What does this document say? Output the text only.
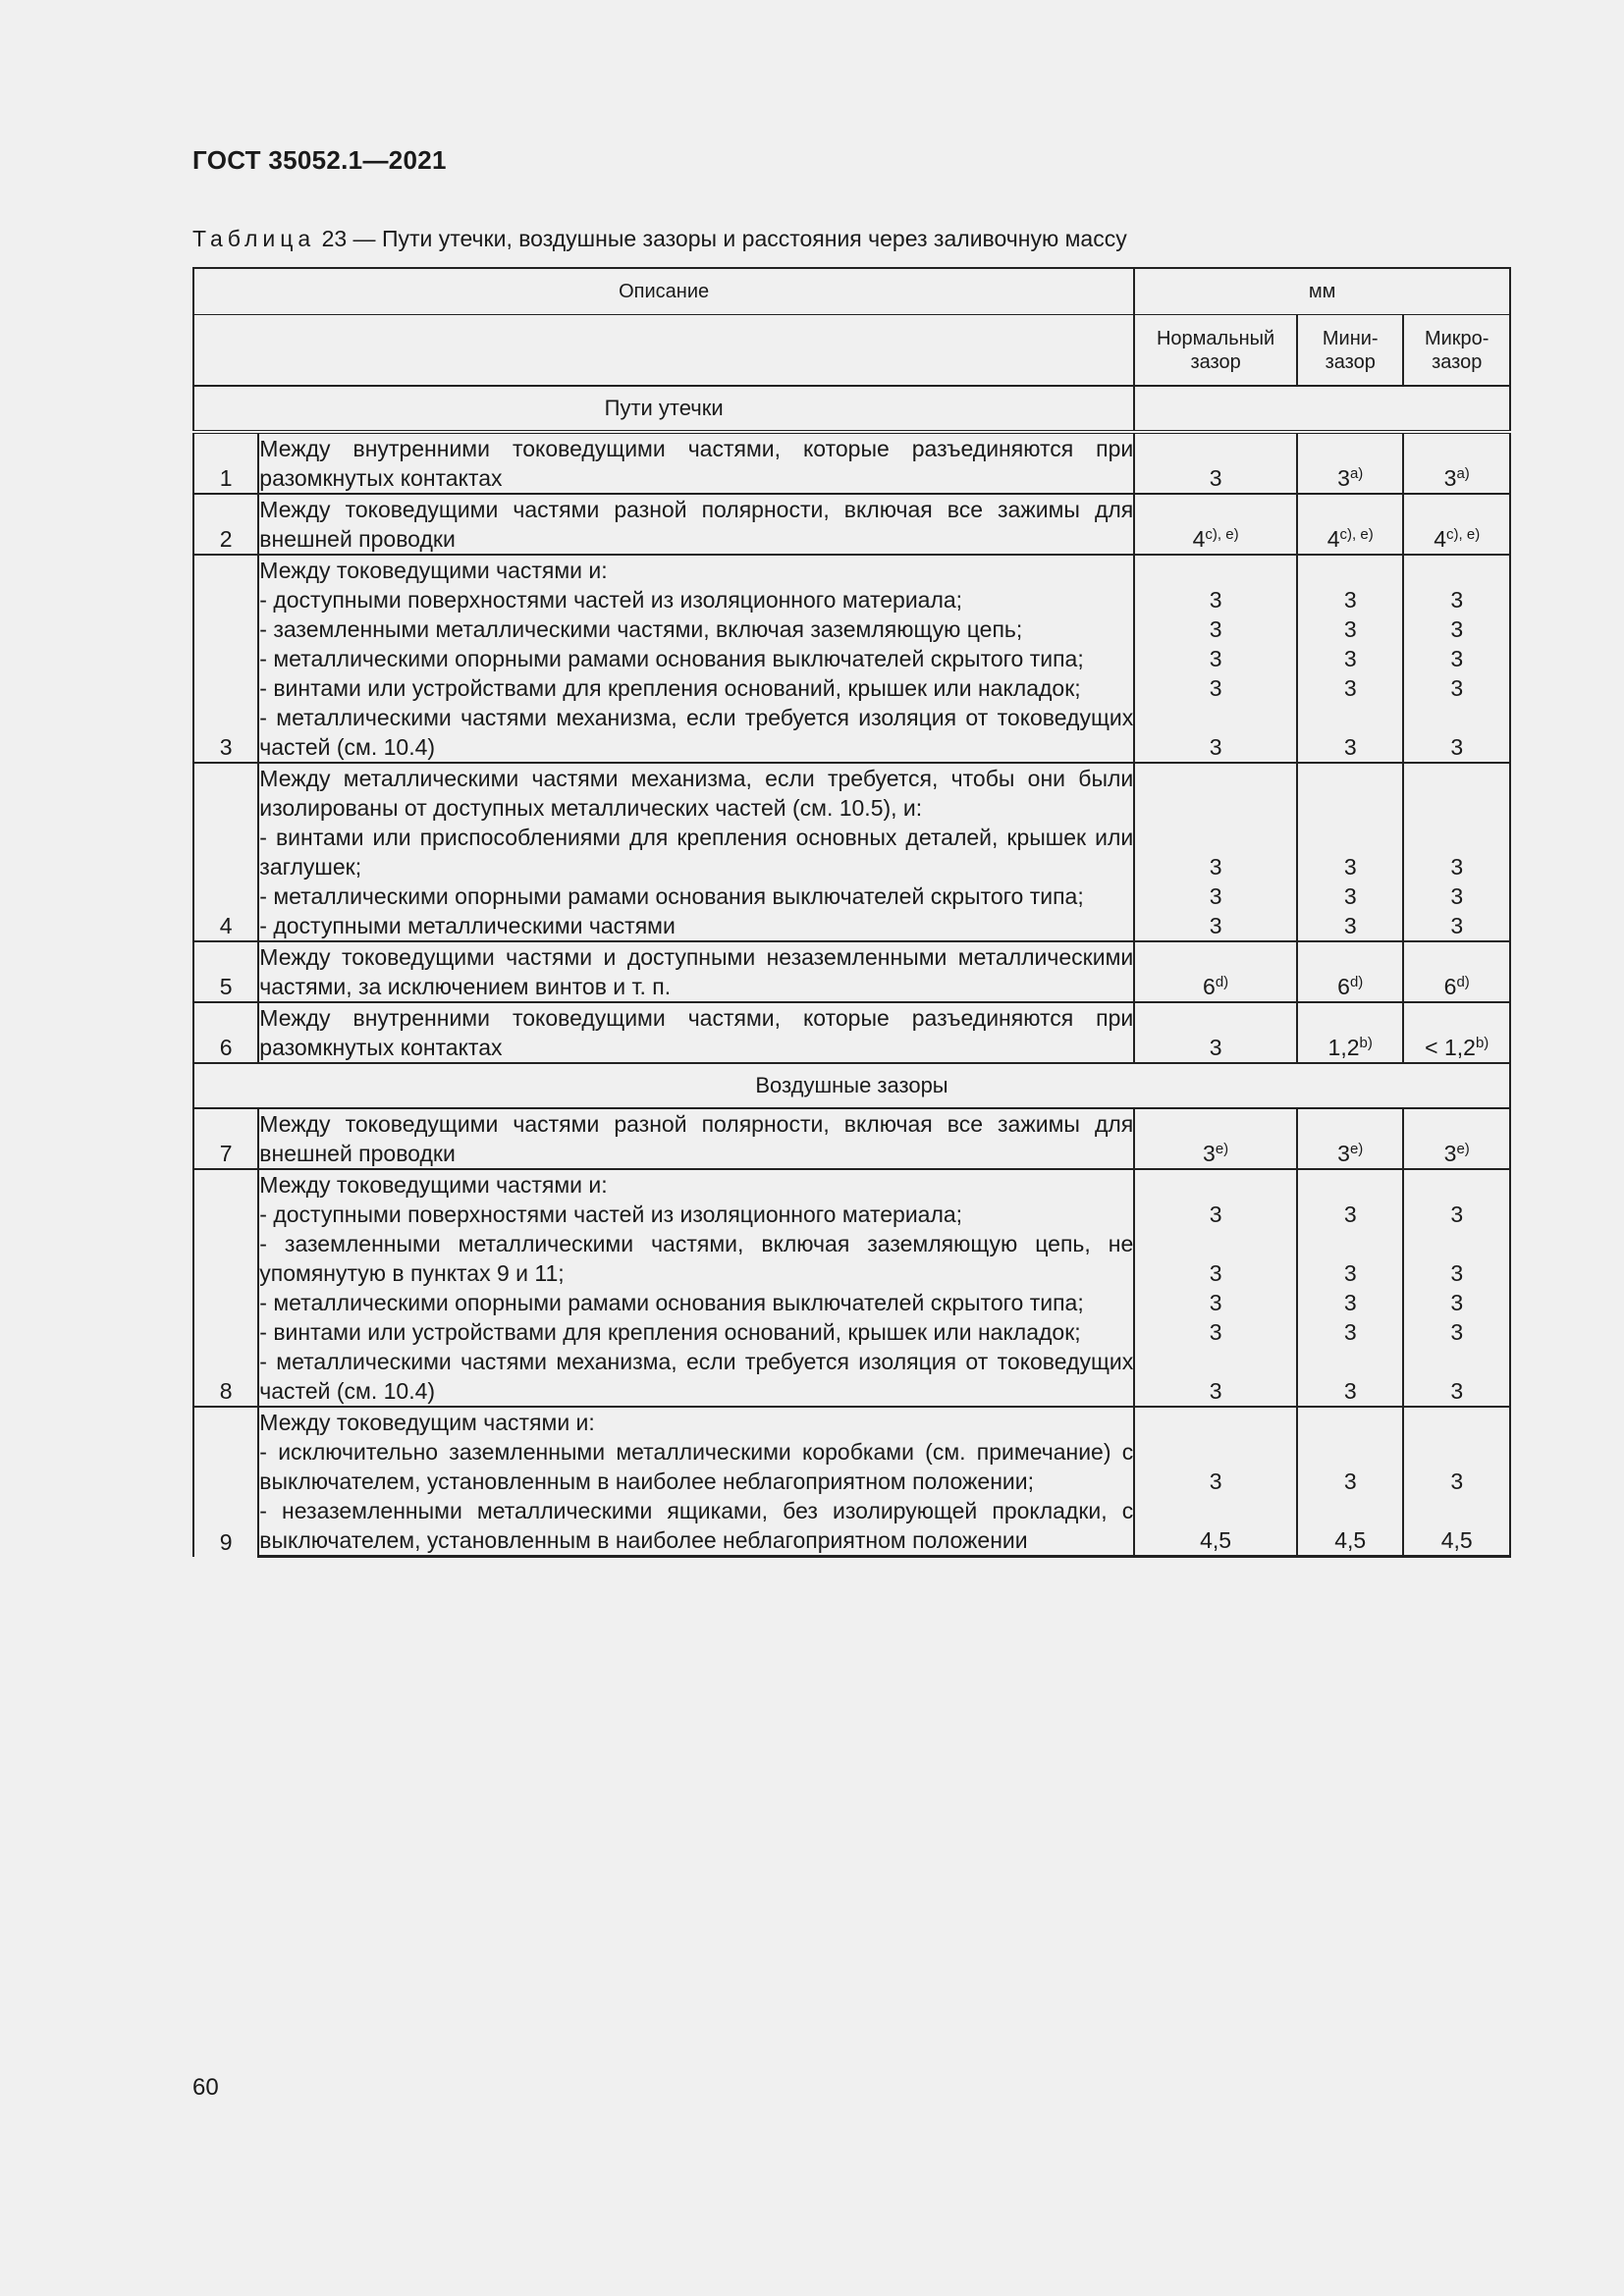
ГОСТ 35052.1—2021
Таблица 23 — Пути утечки, воздушные зазоры и расстояния через заливочную массу
Описание		мм		
		Нормальный зазор	Мини-зазор	Микро-зазор
Пути утечки				
1	Между внутренними токоведущими частями, которые разъединяются при разомкнутых контактах	3	3$^{a)}$	3$^{a)}$
2	Между токоведущими частями разной полярности, включая все зажимы для внешней проводки	$4^{c), e)}$	$4^{c), e)}$	$4^{c), e)}$
3	Между токоведущими частями и:			
	- доступными поверхностями частей из изоляционного материала;	3	3	3
	- заземленными металлическими частями, включая заземляющую цепь;	3	3	3
	- металлическими опорными рамами основания выключателей скрытого типа;	3	3	3
	- винтами или устройствами для крепления оснований, крышек или накладок;	3	3	3
	- металлическими частями механизма, если требуется изоляция от токоведущих частей (см. 10.4)	3	3	3
4	Между металлическими частями механизма, если требуется, чтобы они были изолированы от доступных металлических частей (см. 10.5), и:			
	- винтами или приспособлениями для крепления основных деталей, крышек или заглушек;	3	3	3
	- металлическими опорными рамами основания выключателей скрытого типа;	3	3	3
	- доступными металлическими частями	3	3	3
5	Между токоведущими частями и доступными незаземленными металлическими частями, за исключением винтов и т. п.	6$^{d)}$	6$^{d)}$	6$^{d)}$
6	Между внутренними токоведущими частями, которые разъединяются при разомкнутых контактах	3	$1,2^{b)}$	< $1,2^{b)}$
Воздушные зазоры				
7	Между токоведущими частями разной полярности, включая все зажимы для внешней проводки	3$^{e)}$	3$^{e)}$	3$^{e)}$
8	Между токоведущими частями и:			
	- доступными поверхностями частей из изоляционного материала;	3	3	3
	- заземленными металлическими частями, включая заземляющую цепь, не упомянутую в пунктах 9 и 11;	3	3	3
	- металлическими опорными рамами основания выключателей скрытого типа;	3	3	3
	- винтами или устройствами для крепления оснований, крышек или накладок;	3	3	3
	- металлическими частями механизма, если требуется изоляция от токоведущих частей (см. 10.4)	3	3	3
9	Между токоведущим частями и:			
	- исключительно заземленными металлическими коробками (см. примечание) с выключателем, установленным в наиболее неблагоприятном положении;	3	3	3
	- незаземленными металлическими ящиками, без изолирующей прокладки, с выключателем, установленным в наиболее неблагоприятном положении	4,5	4,5	4,5
60
